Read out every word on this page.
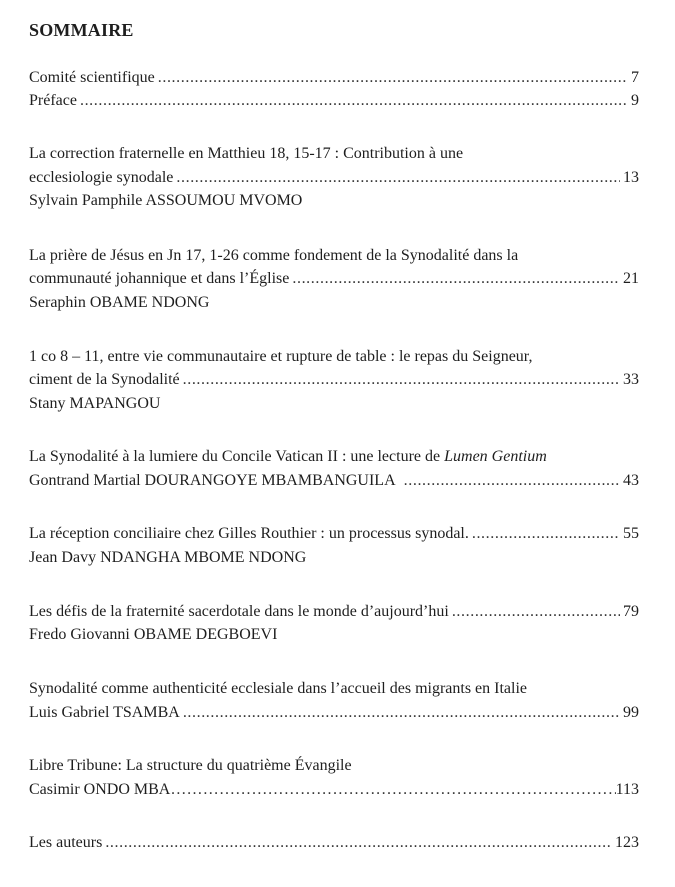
SOMMAIRE
Comité scientifique .....	7
Préface .....	9
La correction fraternelle en Matthieu 18, 15-17 : Contribution à une
ecclesiologie synodale .....	13
Sylvain Pamphile ASSOUMOU MVOMO
La prière de Jésus en Jn 17, 1-26 comme fondement de la Synodalité dans la
communauté johannique et dans l’Église .....	21
Seraphin OBAME NDONG
1 co 8 – 11, entre vie communautaire et rupture de table : le repas du Seigneur,
ciment de la Synodalité .....	33
Stany MAPANGOU
La Synodalité à la lumiere du Concile Vatican II : une lecture de Lumen Gentium
Gontrand Martial DOURANGOYE MBAMBANGUILA .....	43
La réception conciliaire chez Gilles Routhier : un processus synodal. .....	55
Jean Davy NDANGHA MBOME NDONG
Les défis de la fraternité sacerdotale dans le monde d’aujourd’hui .....	79
Fredo Giovanni OBAME DEGBOEVI
Synodalité comme authenticité ecclesiale dans l’accueil des migrants en Italie
Luis Gabriel TSAMBA .....	99
Libre Tribune: La structure du quatrième Évangile
Casimir ONDO MBA ……………………………………………………………………………………………………………………………	113
Les auteurs .....	123
